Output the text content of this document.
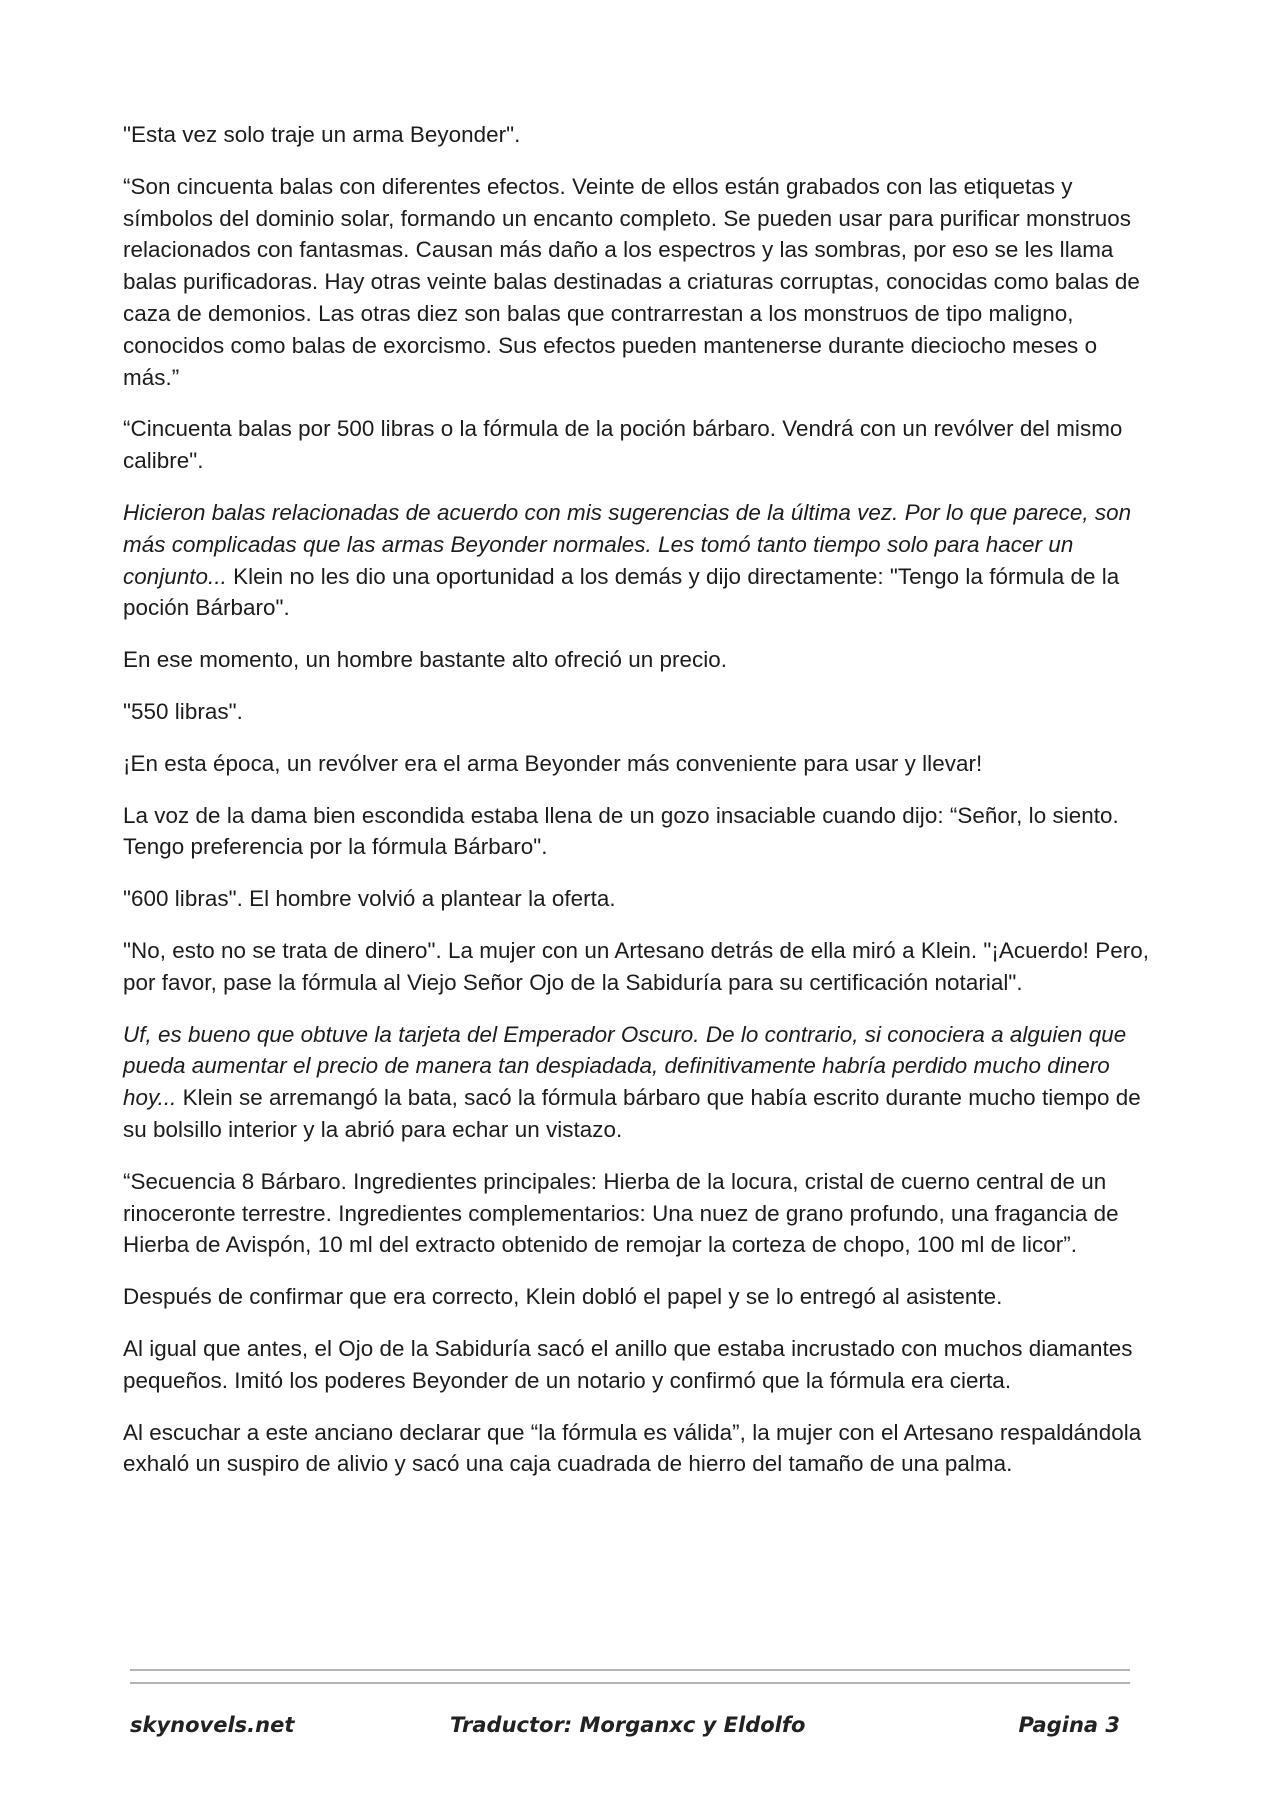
"Esta vez solo traje un arma Beyonder".

“Son cincuenta balas con diferentes efectos. Veinte de ellos están grabados con las etiquetas y símbolos del dominio solar, formando un encanto completo. Se pueden usar para purificar monstruos relacionados con fantasmas. Causan más daño a los espectros y las sombras, por eso se les llama balas purificadoras. Hay otras veinte balas destinadas a criaturas corruptas, conocidas como balas de caza de demonios. Las otras diez son balas que contrarrestan a los monstruos de tipo maligno, conocidos como balas de exorcismo. Sus efectos pueden mantenerse durante dieciocho meses o más.”

“Cincuenta balas por 500 libras o la fórmula de la poción bárbaro. Vendrá con un revólver del mismo calibre".

Hicieron balas relacionadas de acuerdo con mis sugerencias de la última vez. Por lo que parece, son más complicadas que las armas Beyonder normales. Les tomó tanto tiempo solo para hacer un conjunto... Klein no les dio una oportunidad a los demás y dijo directamente: "Tengo la fórmula de la poción Bárbaro".

En ese momento, un hombre bastante alto ofreció un precio.

"550 libras".

¡En esta época, un revólver era el arma Beyonder más conveniente para usar y llevar!

La voz de la dama bien escondida estaba llena de un gozo insaciable cuando dijo: “Señor, lo siento. Tengo preferencia por la fórmula Bárbaro".

"600 libras". El hombre volvió a plantear la oferta.

"No, esto no se trata de dinero". La mujer con un Artesano detrás de ella miró a Klein. "¡Acuerdo! Pero, por favor, pase la fórmula al Viejo Señor Ojo de la Sabiduría para su certificación notarial".

Uf, es bueno que obtuve la tarjeta del Emperador Oscuro. De lo contrario, si conociera a alguien que pueda aumentar el precio de manera tan despiadada, definitivamente habría perdido mucho dinero hoy... Klein se arremangó la bata, sacó la fórmula bárbaro que había escrito durante mucho tiempo de su bolsillo interior y la abrió para echar un vistazo.

“Secuencia 8 Bárbaro. Ingredientes principales: Hierba de la locura, cristal de cuerno central de un rinoceronte terrestre. Ingredientes complementarios: Una nuez de grano profundo, una fragancia de Hierba de Avispón, 10 ml del extracto obtenido de remojar la corteza de chopo, 100 ml de licor”.

Después de confirmar que era correcto, Klein dobló el papel y se lo entregó al asistente.

Al igual que antes, el Ojo de la Sabiduría sacó el anillo que estaba incrustado con muchos diamantes pequeños. Imitó los poderes Beyonder de un notario y confirmó que la fórmula era cierta.

Al escuchar a este anciano declarar que “la fórmula es válida”, la mujer con el Artesano respaldándola exhaló un suspiro de alivio y sacó una caja cuadrada de hierro del tamaño de una palma.

skynovels.net	Traductor: Morganxc y Eldolfo	Pagina 3
